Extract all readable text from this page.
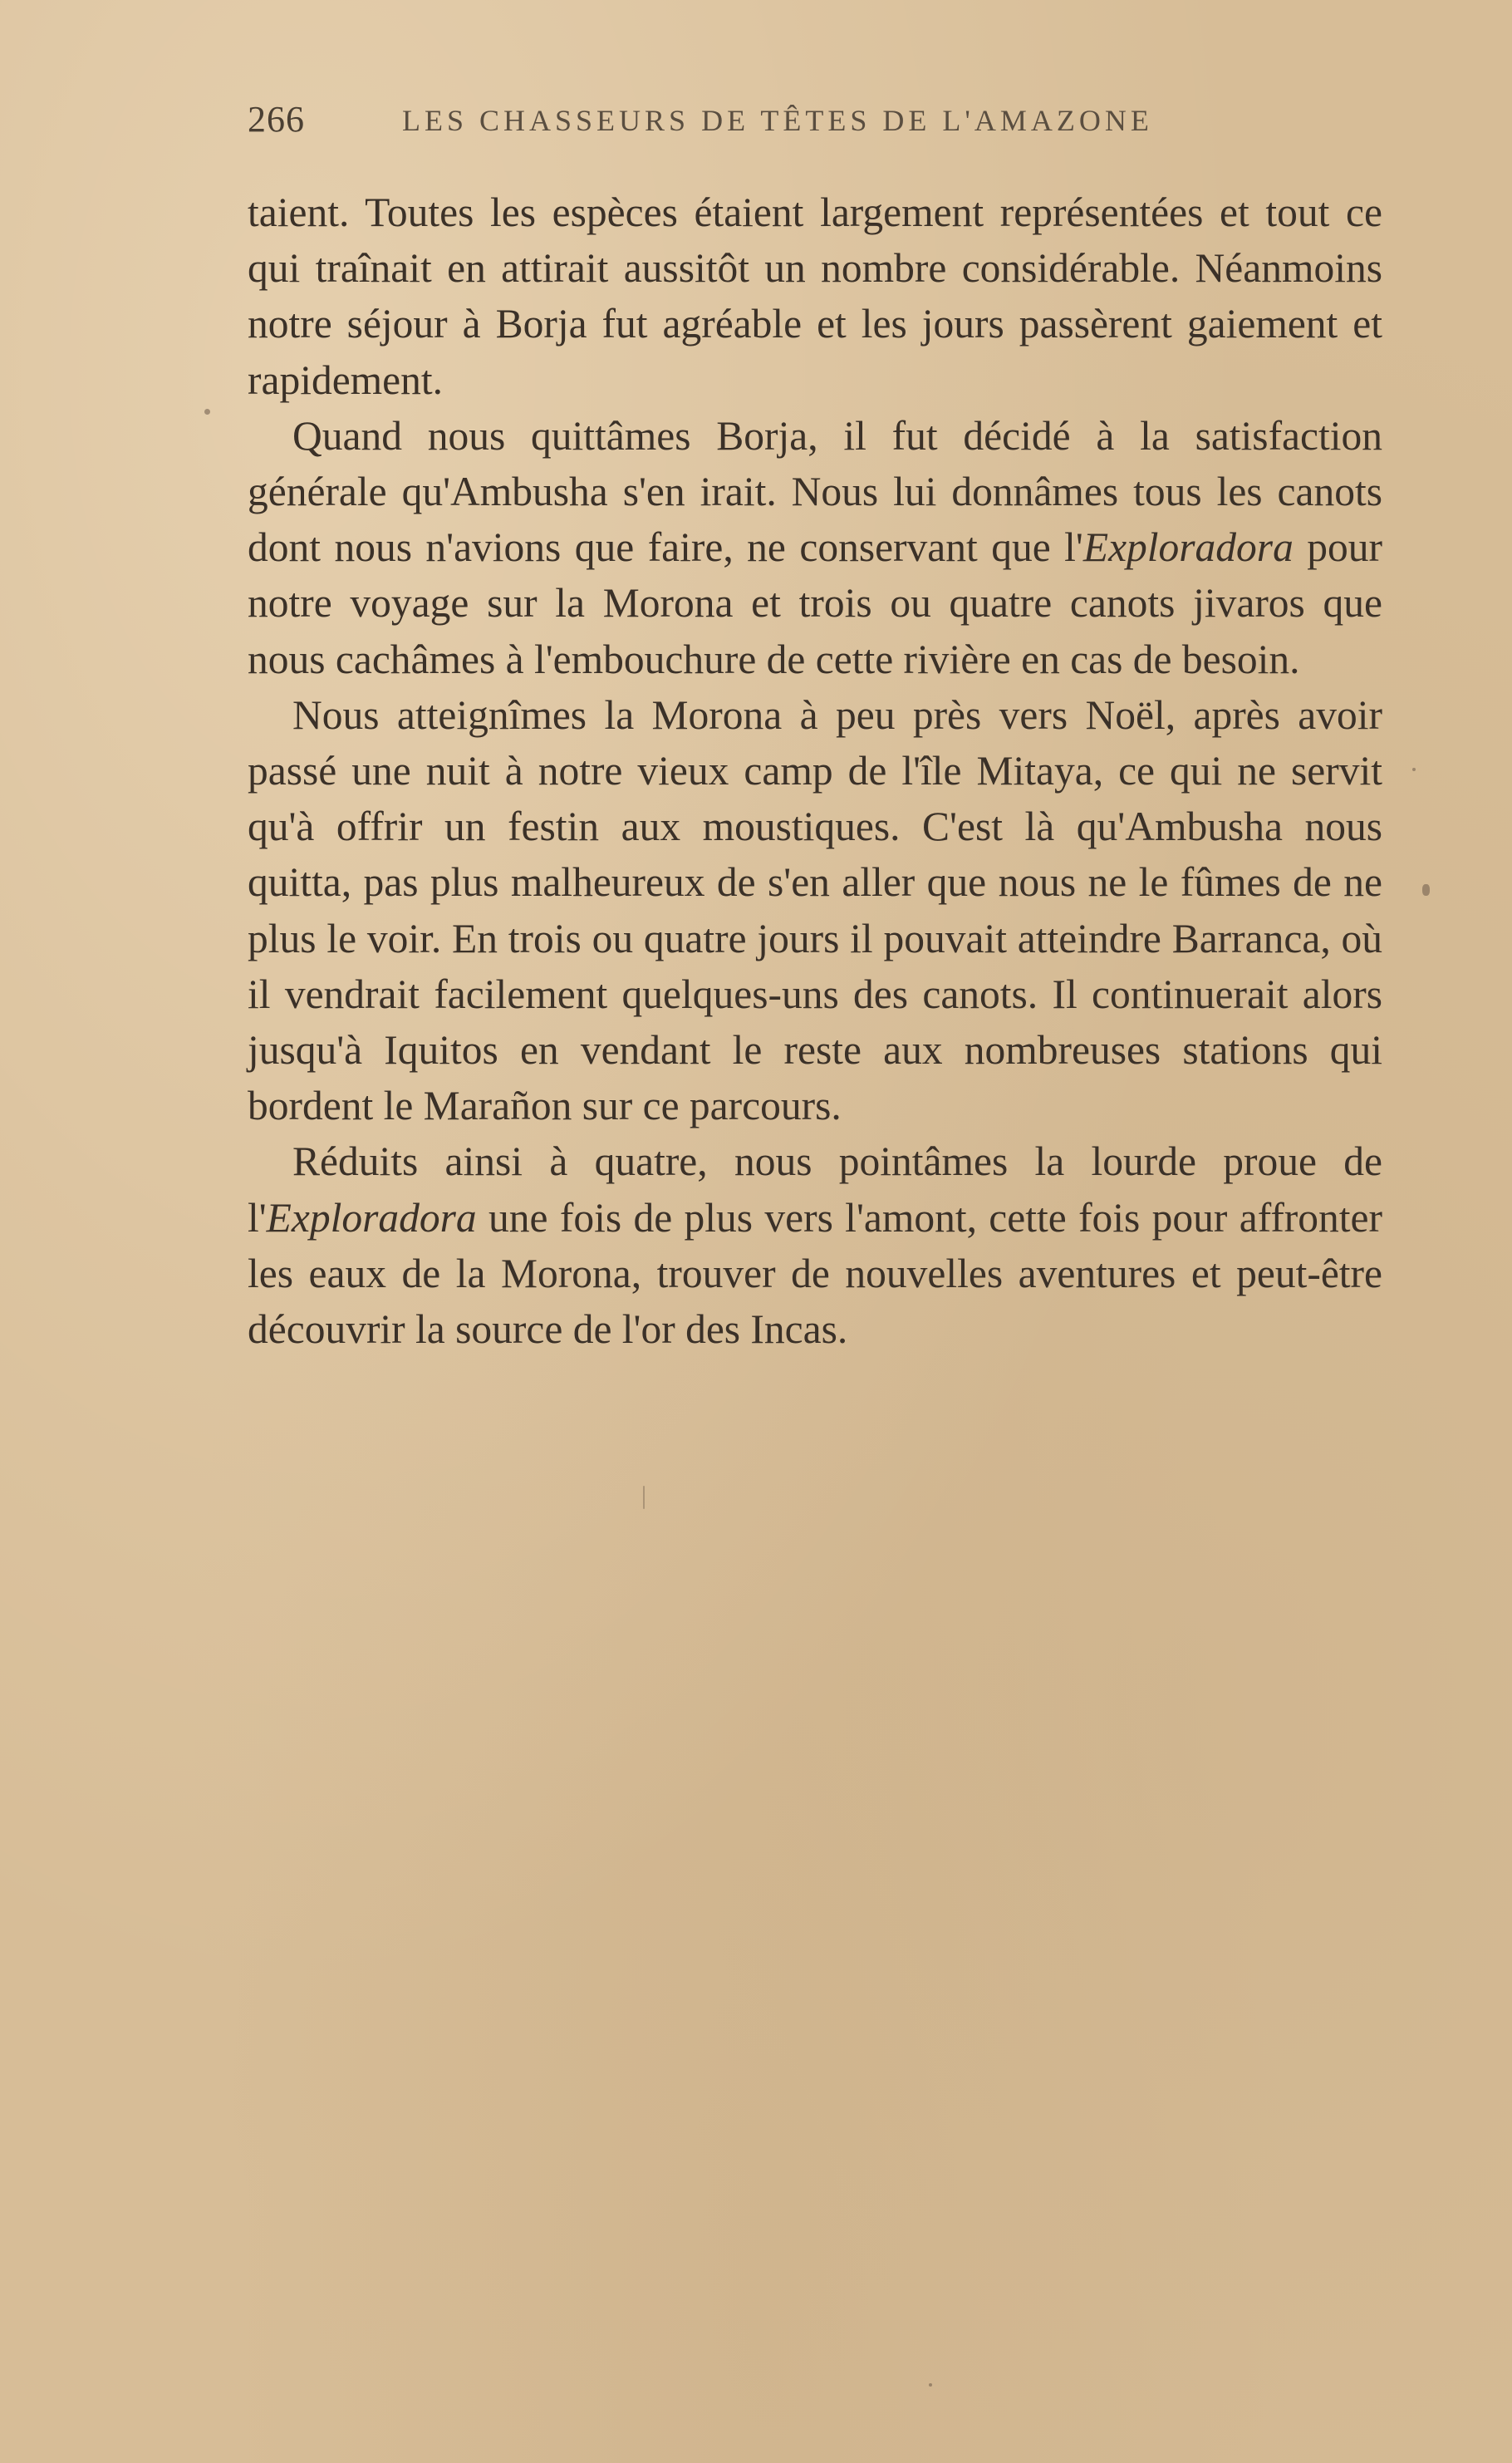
266	LES CHASSEURS DE TÊTES DE L'AMAZONE

taient. Toutes les espèces étaient largement représentées et tout ce qui traînait en attirait aussitôt un nombre considérable. Néanmoins notre séjour à Borja fut agréable et les jours passèrent gaiement et rapidement.

Quand nous quittâmes Borja, il fut décidé à la satisfaction générale qu'Ambusha s'en irait. Nous lui donnâmes tous les canots dont nous n'avions que faire, ne conservant que l'Exploradora pour notre voyage sur la Morona et trois ou quatre canots jivaros que nous cachâmes à l'embouchure de cette rivière en cas de besoin.

Nous atteignîmes la Morona à peu près vers Noël, après avoir passé une nuit à notre vieux camp de l'île Mitaya, ce qui ne servit qu'à offrir un festin aux moustiques. C'est là qu'Ambusha nous quitta, pas plus malheureux de s'en aller que nous ne le fûmes de ne plus le voir. En trois ou quatre jours il pouvait atteindre Barranca, où il vendrait facilement quelques-uns des canots. Il continuerait alors jusqu'à Iquitos en vendant le reste aux nombreuses stations qui bordent le Marañon sur ce parcours.

Réduits ainsi à quatre, nous pointâmes la lourde proue de l'Exploradora une fois de plus vers l'amont, cette fois pour affronter les eaux de la Morona, trouver de nouvelles aventures et peut-être découvrir la source de l'or des Incas.
